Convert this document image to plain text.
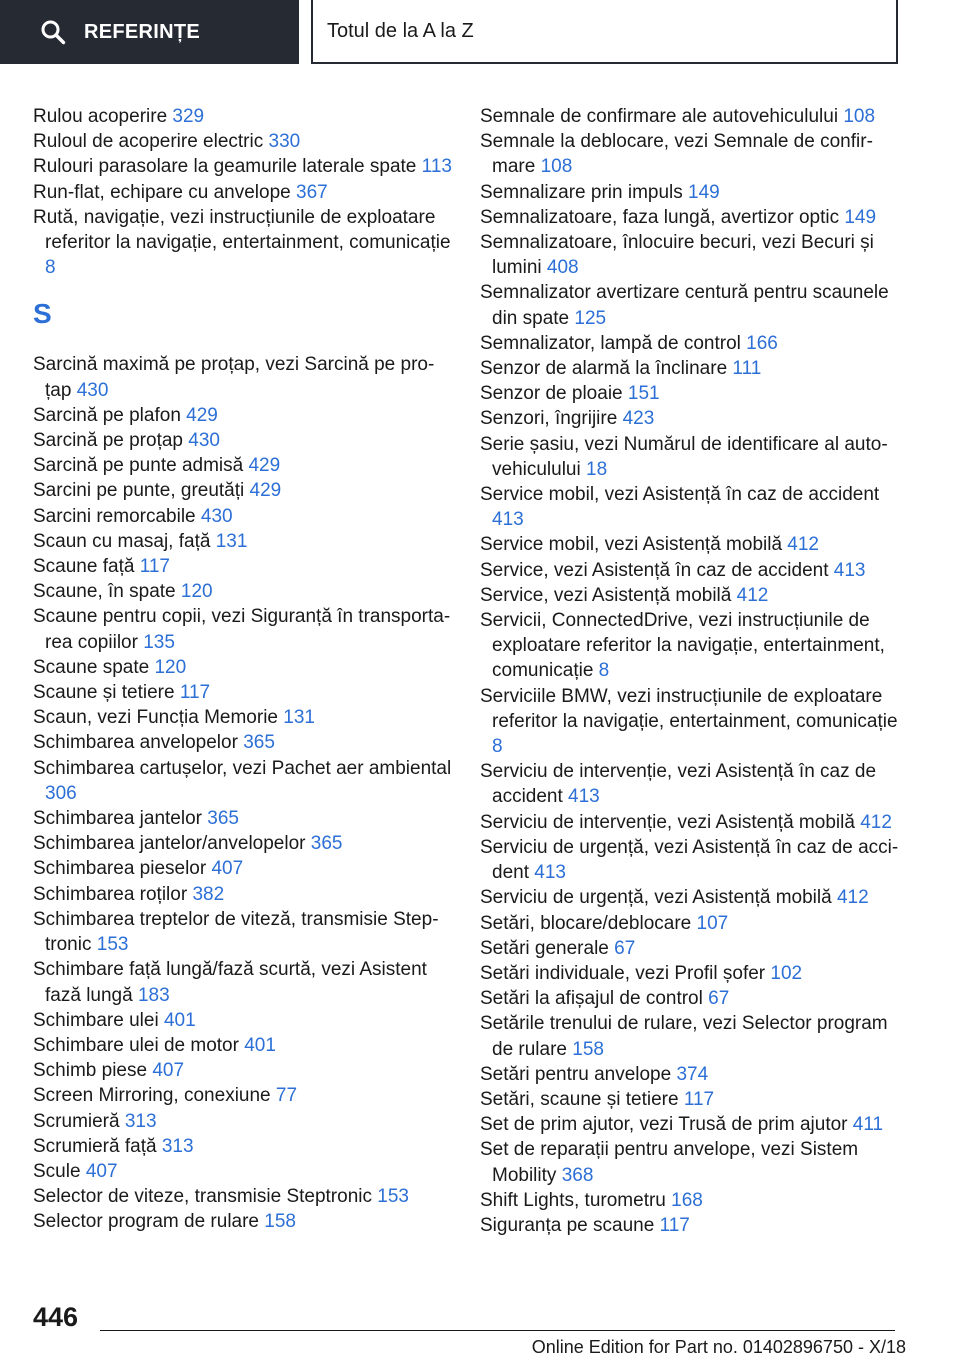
REFERINȚE	Totul de la A la Z

Rulou acoperire 329

Ruloul de acoperire electric 330

Rulouri parasolare la geamurile laterale spate 113

Run-flat, echipare cu anvelope 367

Rută, navigație, vezi instrucțiunile de exploatare referitor la navigație, entertainment, comunicație 8

S

Sarcină maximă pe proțap, vezi Sarcină pe proțap 430

Sarcină pe plafon 429

Sarcină pe proțap 430

Sarcină pe punte admisă 429

Sarcini pe punte, greutăți 429

Sarcini remorcabile 430

Scaun cu masaj, față 131

Scaune față 117

Scaune, în spate 120

Scaune pentru copii, vezi Siguranță în transportarea copiilor 135

Scaune spate 120

Scaune și tetiere 117

Scaun, vezi Funcția Memorie 131

Schimbarea anvelopelor 365

Schimbarea cartușelor, vezi Pachet aer ambiental 306

Schimbarea jantelor 365

Schimbarea jantelor/anvelopelor 365

Schimbarea pieselor 407

Schimbarea roților 382

Schimbarea treptelor de viteză, transmisie Steptronic 153

Schimbare față lungă/fază scurtă, vezi Asistent fază lungă 183

Schimbare ulei 401

Schimbare ulei de motor 401

Schimb piese 407

Screen Mirroring, conexiune 77

Scrumieră 313

Scrumieră față 313

Scule 407

Selector de viteze, transmisie Steptronic 153

Selector program de rulare 158

Semnale de confirmare ale autovehiculului 108

Semnale la deblocare, vezi Semnale de confirmare 108

Semnalizare prin impuls 149

Semnalizatoare, faza lungă, avertizor optic 149

Semnalizatoare, înlocuire becuri, vezi Becuri și lumini 408

Semnalizator avertizare centură pentru scaunele din spate 125

Semnalizator, lampă de control 166

Senzor de alarmă la înclinare 111

Senzor de ploaie 151

Senzori, îngrijire 423

Serie șasiu, vezi Numărul de identificare al autovehiculului 18

Service mobil, vezi Asistență în caz de accident 413

Service mobil, vezi Asistență mobilă 412

Service, vezi Asistență în caz de accident 413

Service, vezi Asistență mobilă 412

Servicii, ConnectedDrive, vezi instrucțiunile de exploatare referitor la navigație, entertainment, comunicație 8

Serviciile BMW, vezi instrucțiunile de exploatare referitor la navigație, entertainment, comunicație 8

Serviciu de intervenție, vezi Asistență în caz de accident 413

Serviciu de intervenție, vezi Asistență mobilă 412

Serviciu de urgență, vezi Asistență în caz de accident 413

Serviciu de urgență, vezi Asistență mobilă 412

Setări, blocare/deblocare 107

Setări generale 67

Setări individuale, vezi Profil șofer 102

Setări la afișajul de control 67

Setările trenului de rulare, vezi Selector program de rulare 158

Setări pentru anvelope 374

Setări, scaune și tetiere 117

Set de prim ajutor, vezi Trusă de prim ajutor 411

Set de reparații pentru anvelope, vezi Sistem Mobility 368

Shift Lights, turometru 168

Siguranța pe scaune 117

446
Online Edition for Part no. 01402896750 - X/18
